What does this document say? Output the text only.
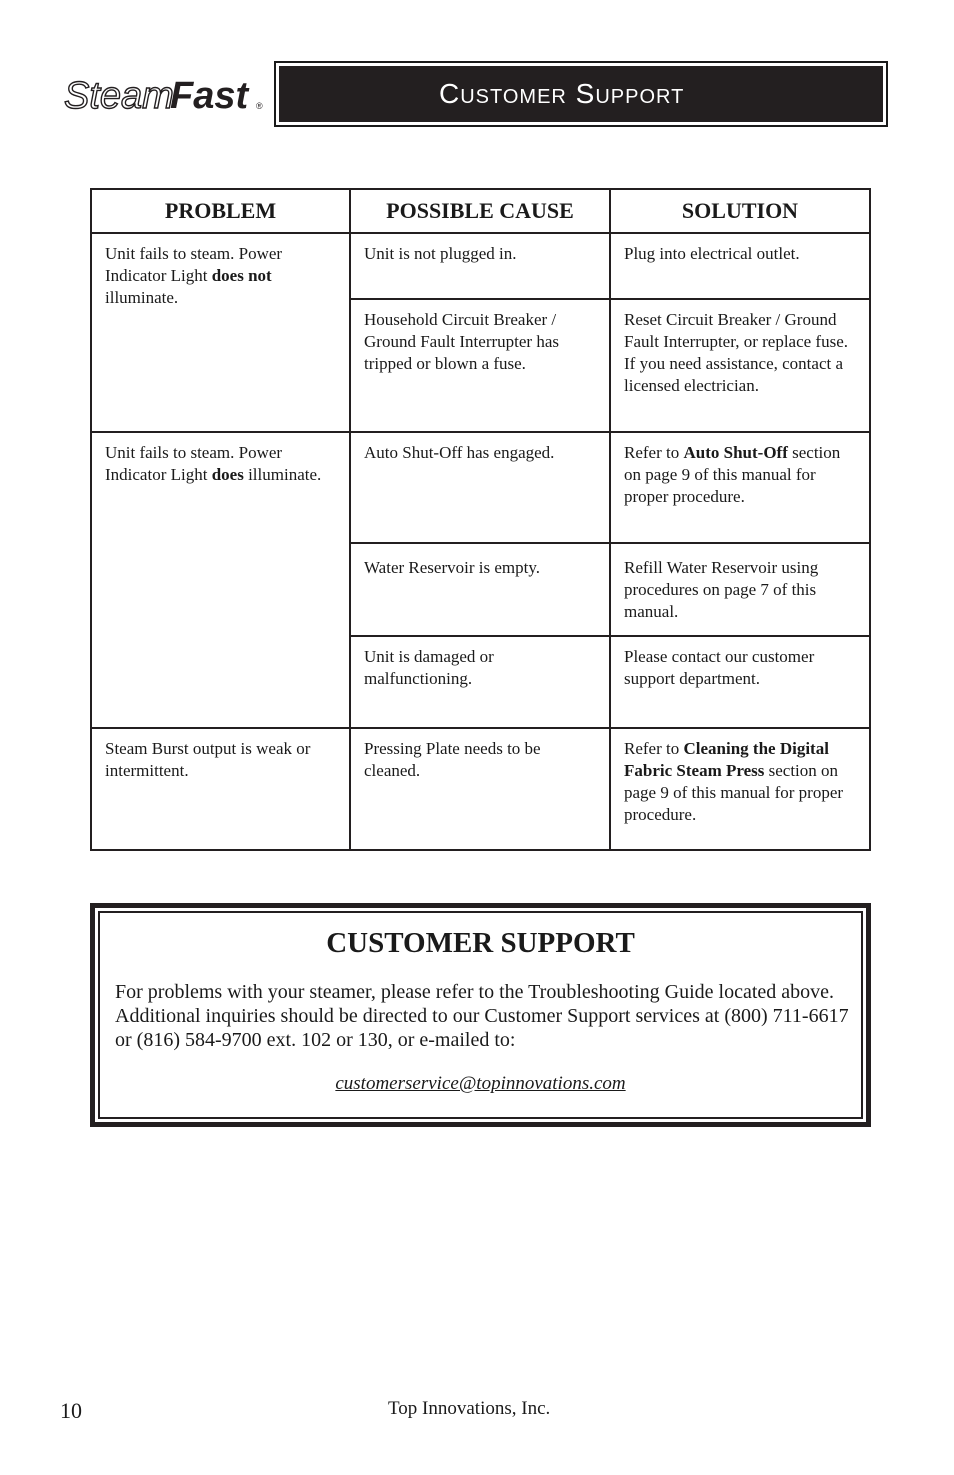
Steam
Fast ®	Customer Support
PROBLEM	POSSIBLE CAUSE	SOLUTION
Unit fails to steam. Power Indicator Light does not illuminate.	Unit is not plugged in.	Plug into electrical outlet.
	Household Circuit Breaker / Ground Fault Interrupter has tripped or blown a fuse.	Reset Circuit Breaker / Ground Fault Interrupter, or replace fuse. If you need assistance, contact a licensed electrician.
Unit fails to steam. Power Indicator Light does illuminate.	Auto Shut-Off has engaged.	Refer to Auto Shut-Off section on page 9 of this manual for proper procedure.
	Water Reservoir is empty.	Refill Water Reservoir using procedures on page 7 of this manual.
	Unit is damaged or malfunctioning.	Please contact our customer support department.
Steam Burst output is weak or intermittent.	Pressing Plate needs to be cleaned.	Refer to Cleaning the Digital Fabric Steam Press section on page 9 of this manual for proper procedure.
CUSTOMER SUPPORT
For problems with your steamer, please refer to the Troubleshooting Guide located above. Additional inquiries should be directed to our Customer Support services at (800) 711-6617 or (816) 584-9700 ext. 102 or 130, or e-mailed to:
customerservice@topinnovations.com
10	Top Innovations, Inc.
